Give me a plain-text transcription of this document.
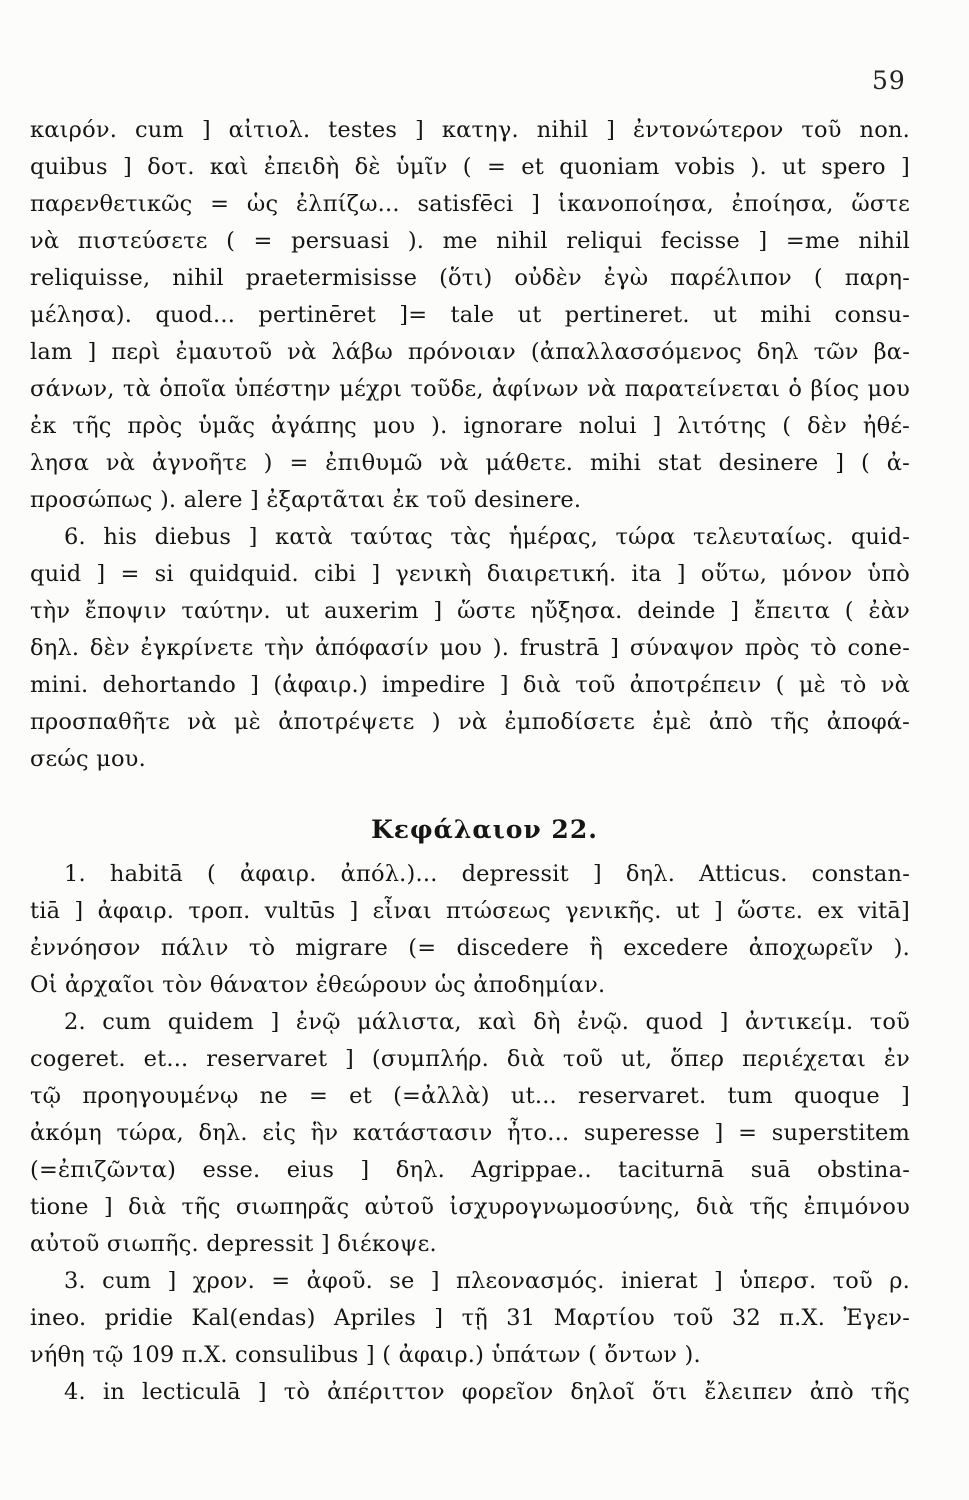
59
καιρόν. cum ] αἰτιολ. testes ] κατηγ. nihil ] ἐντονώτερον τοῦ non.
quibus ] δοτ. καὶ ἐπειδὴ δὲ ὑμῖν ( = et quoniam vobis ). ut spero ]
παρενθετικῶς = ὡς ἐλπίζω... satisfēci ] ἱκανοποίησα, ἐποίησα, ὥστε
νὰ πιστεύσετε ( = persuasi ). me nihil reliqui fecisse ] =me nihil
reliquisse, nihil praetermisisse (ὅτι) οὐδὲν ἐγὼ παρέλιπον ( παρη-
μέλησα). quod... pertinēret ]= tale ut pertineret. ut mihi consu-
lam ] περὶ ἐμαυτοῦ νὰ λάβω πρόνοιαν (ἀπαλλασσόμενος δηλ τῶν βα-
σάνων, τὰ ὁποῖα ὑπέστην μέχρι τοῦδε, ἀφίνων νὰ παρατείνεται ὁ βίος μου
ἐκ τῆς πρὸς ὑμᾶς ἀγάπης μου ). ignorare nolui ] λιτότης ( δὲν ἠθέ-
λησα νὰ ἀγνοῆτε ) = ἐπιθυμῶ νὰ μάθετε. mihi stat desinere ] ( ἀ-
προσώπως ). alere ] ἐξαρτᾶται ἐκ τοῦ desinere.
6. his diebus ] κατὰ ταύτας τὰς ἡμέρας, τώρα τελευταίως. quid-
quid ] = si quidquid. cibi ] γενικὴ διαιρετική. ita ] οὕτω, μόνον ὑπὸ
τὴν ἔποψιν ταύτην. ut auxerim ] ὥστε ηὔξησα. deinde ] ἔπειτα ( ἐὰν
δηλ. δὲν ἐγκρίνετε τὴν ἀπόφασίν μου ). frustrā ] σύναψον πρὸς τὸ cone-
mini. dehortando ] (ἀφαιρ.) impedire ] διὰ τοῦ ἀποτρέπειν ( μὲ τὸ νὰ
προσπαθῆτε νὰ μὲ ἀποτρέψετε ) νὰ ἐμποδίσετε ἐμὲ ἀπὸ τῆς ἀποφά-
σεώς μου.
Κεφάλαιον 22.
1. habitā ( ἀφαιρ. ἀπόλ.)... depressit ] δηλ. Atticus. constan-
tiā ] ἀφαιρ. τροπ. vultūs ] εἶναι πτώσεως γενικῆς. ut ] ὥστε. ex vitā]
ἐννόησον πάλιν τὸ migrare (= discedere ἢ excedere ἀποχωρεῖν ).
Οἱ ἀρχαῖοι τὸν θάνατον ἐθεώρουν ὡς ἀποδημίαν.
2. cum quidem ] ἐνῷ μάλιστα, καὶ δὴ ἐνῷ. quod ] ἀντικείμ. τοῦ
cogeret. et... reservaret ] (συμπλήρ. διὰ τοῦ ut, ὅπερ περιέχεται ἐν
τῷ προηγουμένῳ ne = et (=ἀλλὰ) ut... reservaret. tum quoque ]
ἀκόμη τώρα, δηλ. εἰς ἣν κατάστασιν ἦτο... superesse ] = superstitem
(=ἐπιζῶντα) esse. eius ] δηλ. Agrippae.. taciturnā suā obstina-
tione ] διὰ τῆς σιωπηρᾶς αὐτοῦ ἰσχυρογνωμοσύνης, διὰ τῆς ἐπιμόνου
αὐτοῦ σιωπῆς. depressit ] διέκοψε.
3. cum ] χρον. = ἀφοῦ. se ] πλεονασμός. inierat ] ὑπερσ. τοῦ ρ.
ineo. pridie Kal(endas) Apriles ] τῇ 31 Μαρτίου τοῦ 32 π.Χ. Ἐγεν-
νήθη τῷ 109 π.Χ. consulibus ] ( ἀφαιρ.) ὑπάτων ( ὄντων ).
4. in lecticulā ] τὸ ἀπέριττον φορεῖον δηλοῖ ὅτι ἔλειπεν ἀπὸ τῆς
